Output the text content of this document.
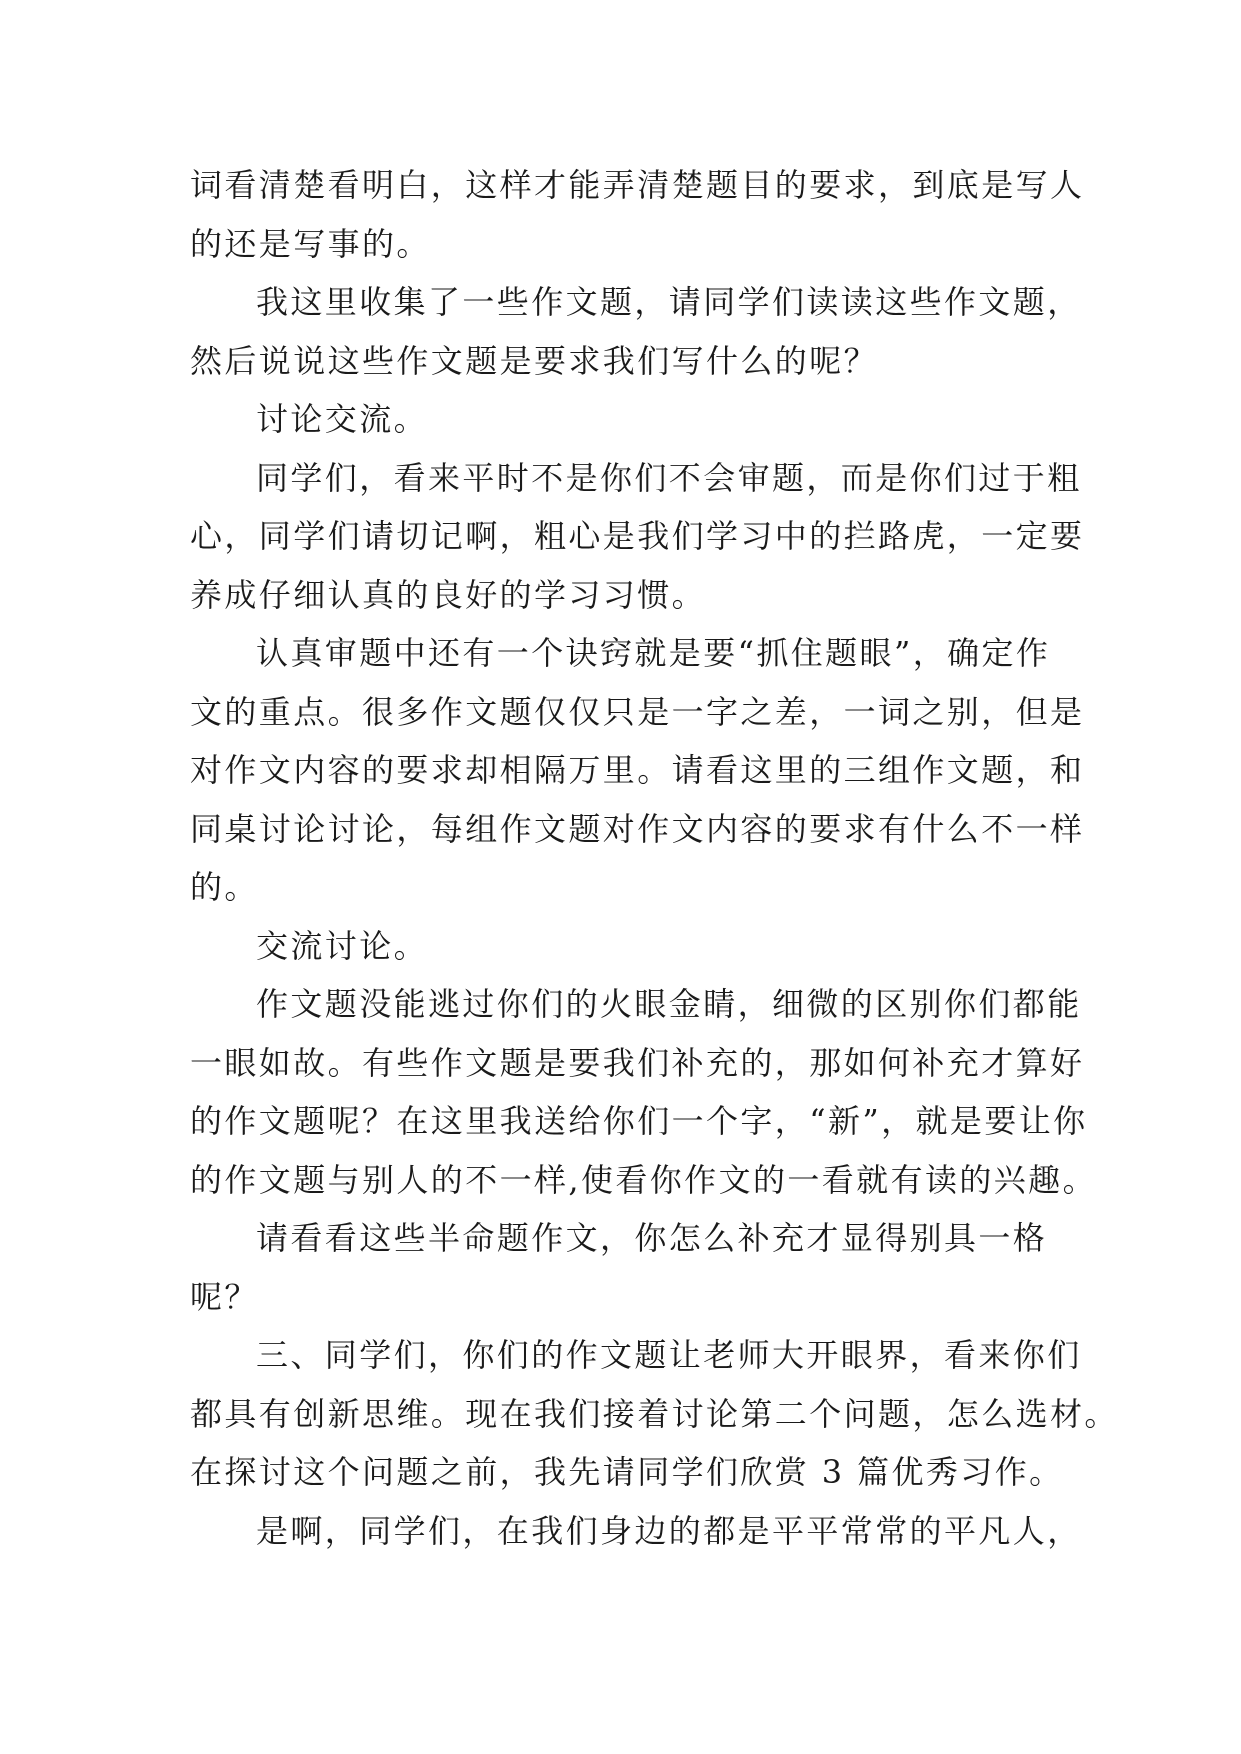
词看清楚看明白，这样才能弄清楚题目的要求，到底是写人
的还是写事的。
我这里收集了一些作文题，请同学们读读这些作文题，
然后说说这些作文题是要求我们写什么的呢？
讨论交流。
同学们，看来平时不是你们不会审题，而是你们过于粗
心，同学们请切记啊，粗心是我们学习中的拦路虎，一定要
养成仔细认真的良好的学习习惯。
认真审题中还有一个诀窍就是要“抓住题眼”，确定作
文的重点。很多作文题仅仅只是一字之差，一词之别，但是
对作文内容的要求却相隔万里。请看这里的三组作文题，和
同桌讨论讨论，每组作文题对作文内容的要求有什么不一样
的。
交流讨论。
作文题没能逃过你们的火眼金睛，细微的区别你们都能
一眼如故。有些作文题是要我们补充的，那如何补充才算好
的作文题呢？在这里我送给你们一个字，“新”，就是要让你
的作文题与别人的不一样,使看你作文的一看就有读的兴趣。
请看看这些半命题作文，你怎么补充才显得别具一格
呢？
三、同学们，你们的作文题让老师大开眼界，看来你们
都具有创新思维。现在我们接着讨论第二个问题，怎么选材。
在探讨这个问题之前，我先请同学们欣赏 3 篇优秀习作。
是啊，同学们，在我们身边的都是平平常常的平凡人，
